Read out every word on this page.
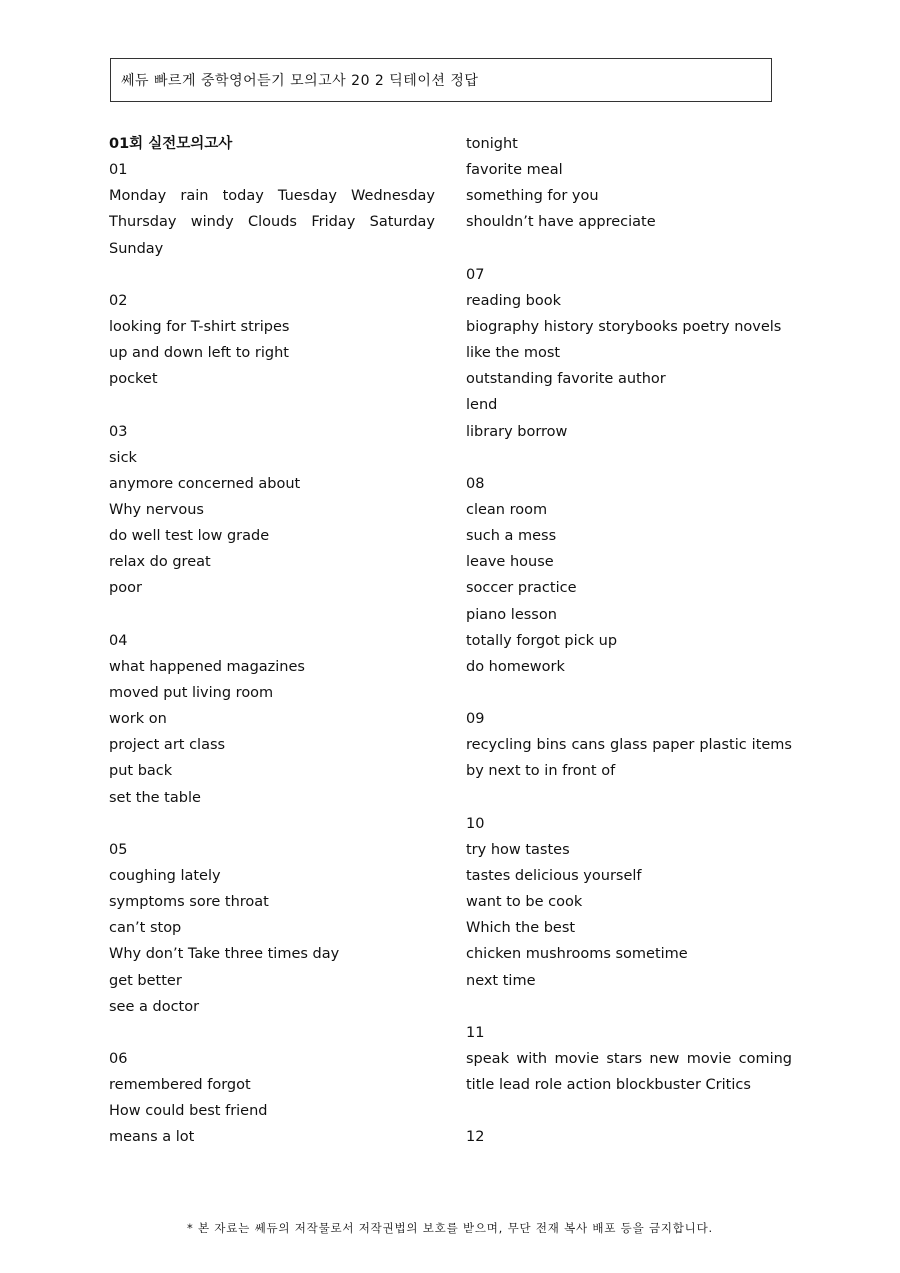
쎄듀 빠르게 중학영어듣기 모의고사 20 2 딕테이션 정답
01회 실전모의고사
01
Monday rain today Tuesday Wednesday
Thursday windy Clouds Friday Saturday
Sunday
02
looking for T-shirt stripes
up and down left to right
pocket
03
sick
anymore concerned about
Why nervous
do well test low grade
relax do great
poor
04
what happened magazines
moved put living room
work on
project art class
put back
set the table
05
coughing lately
symptoms sore throat
can’t stop
Why don’t Take three times day
get better
see a doctor
06
remembered forgot
How could best friend
means a lot
tonight
favorite meal
something for you
shouldn’t have appreciate
07
reading book
biography history storybooks poetry novels
like the most
outstanding favorite author
lend
library borrow
08
clean room
such a mess
leave house
soccer practice
piano lesson
totally forgot pick up
do homework
09
recycling bins cans glass paper plastic items
by next to in front of
10
try how tastes
tastes delicious yourself
want to be cook
Which the best
chicken mushrooms sometime
next time
11
speak with movie stars new movie coming
title lead role action blockbuster Critics
12
* 본 자료는 쎄듀의 저작물로서 저작권법의 보호를 받으며, 무단 전재 복사 배포 등을 금지합니다.
